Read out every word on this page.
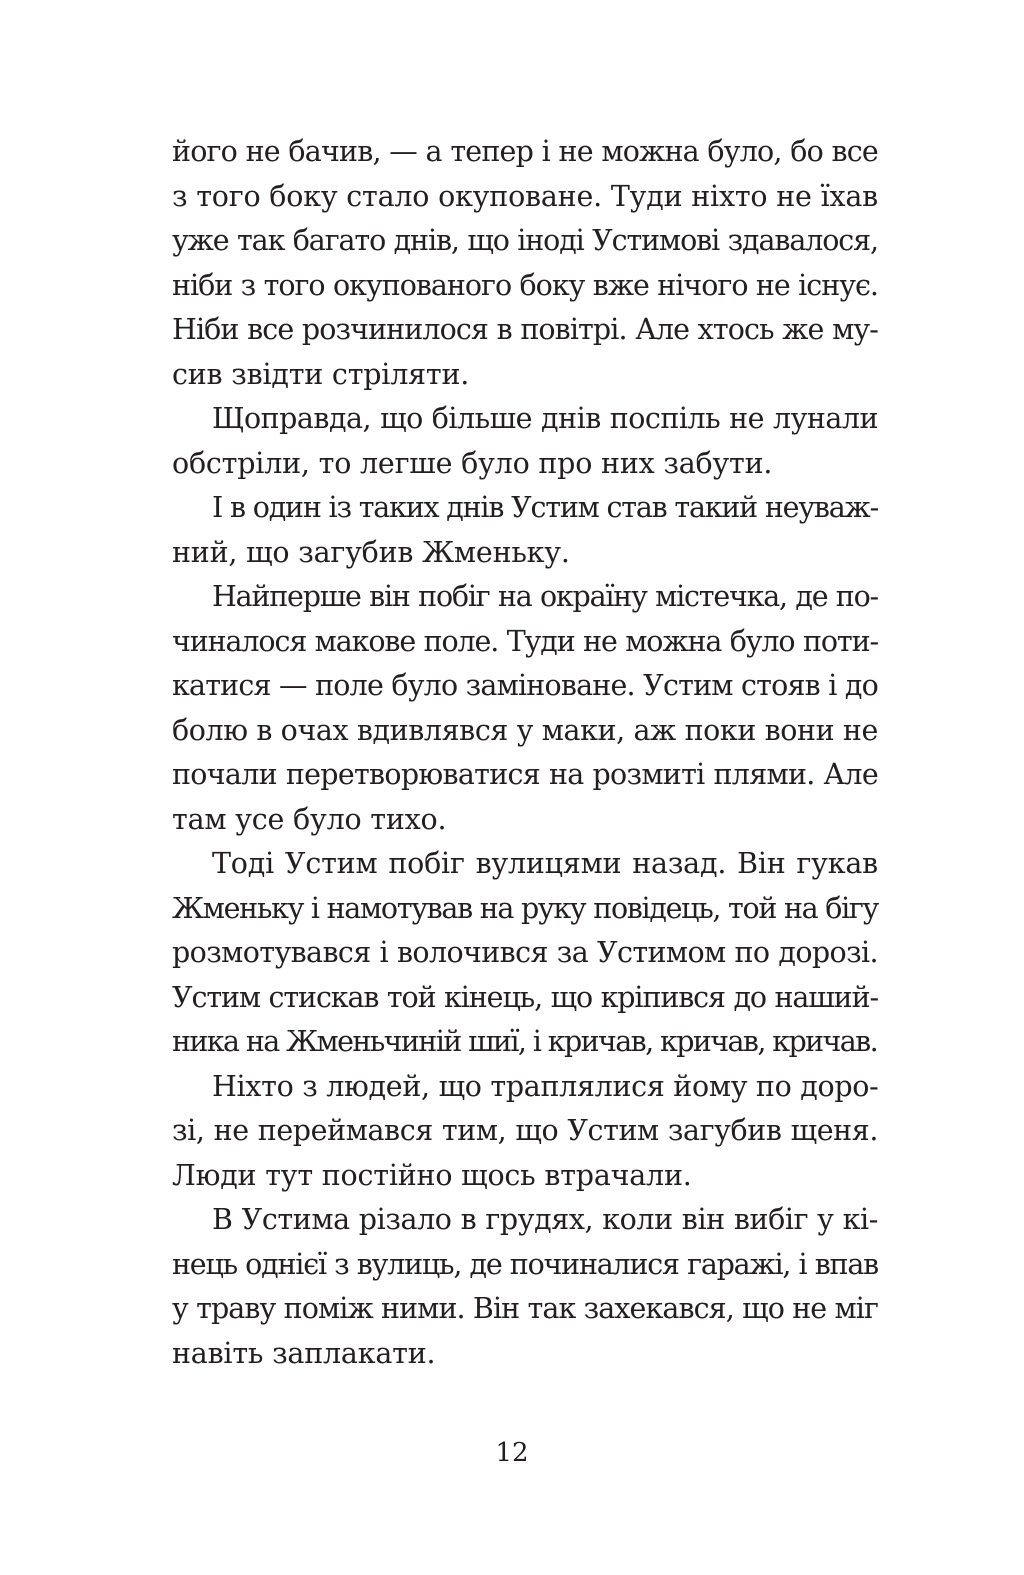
його не бачив, — а тепер і не можна було, бо все
з того боку стало окуповане. Туди ніхто не їхав
уже так багато днів, що іноді Устимові здавалося,
ніби з того окупованого боку вже нічого не існує.
Ніби все розчинилося в повітрі. Але хтось же му-
сив звідти стріляти.
Щоправда, що більше днів поспіль не лунали
обстріли, то легше було про них забути.
І в один із таких днів Устим став такий неуваж-
ний, що загубив Жменьку.
Найперше він побіг на окраїну містечка, де по-
чиналося макове поле. Туди не можна було поти-
катися — поле було заміноване. Устим стояв і до
болю в очах вдивлявся у маки, аж поки вони не
почали перетворюватися на розмиті плями. Але
там усе було тихо.
Тоді Устим побіг вулицями назад. Він гукав
Жменьку і намотував на руку повідець, той на бігу
розмотувався і волочився за Устимом по дорозі.
Устим стискав той кінець, що кріпився до наший-
ника на Жменьчиній шиї, і кричав, кричав, кричав.
Ніхто з людей, що траплялися йому по доро-
зі, не переймався тим, що Устим загубив щеня.
Люди тут постійно щось втрачали.
В Устима різало в грудях, коли він вибіг у кі-
нець однієї з вулиць, де починалися гаражі, і впав
у траву поміж ними. Він так захекався, що не міг
навіть заплакати.
12
